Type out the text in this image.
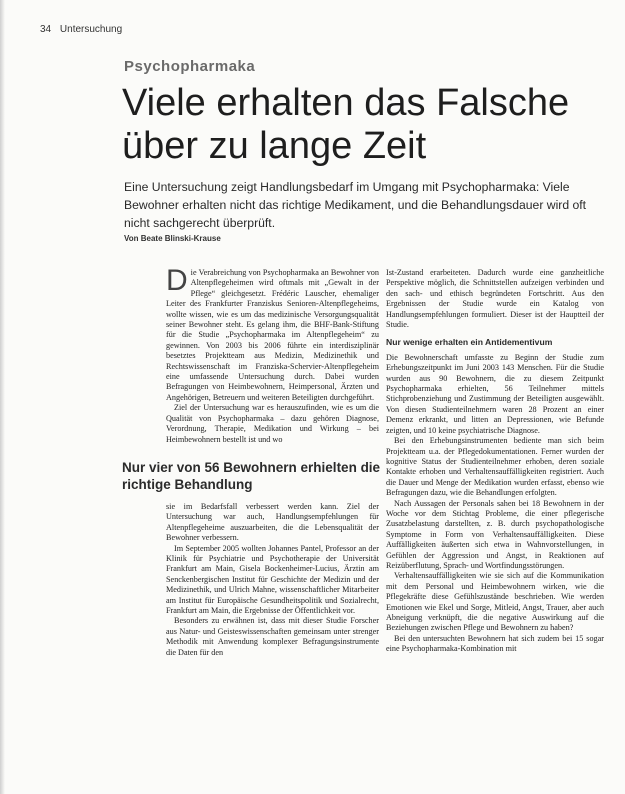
34 Untersuchung
Psychopharmaka
Viele erhalten das Falsche
über zu lange Zeit

Eine Untersuchung zeigt Handlungsbedarf im Umgang mit Psychopharmaka: Viele Bewohner erhalten nicht das richtige Medikament, und die Behandlungsdauer wird oft nicht sachgerecht überprüft.

Von Beate Blinski-Krause

Die Verabreichung von Psychopharmaka an Bewohner von Altenpflegeheimen wird oftmals mit „Gewalt in der Pflege“ gleichgesetzt. Frédéric Lauscher, ehemaliger Leiter des Frankfurter Franziskus Senioren-Altenpflegeheims, wollte wissen, wie es um das medizinische Versorgungsqualität seiner Bewohner steht. Es gelang ihm, die BHF-Bank-Stiftung für die Studie „Psychopharmaka im Altenpflegeheim“ zu gewinnen. Von 2003 bis 2006 führte ein interdisziplinär besetztes Projektteam aus Medizin, Medizinethik und Rechtswissenschaft im Franziska-Schervier-Altenpflegeheim eine umfassende Untersuchung durch. Dabei wurden Befragungen von Heimbewohnern, Heimpersonal, Ärzten und Angehörigen, Betreuern und weiteren Beteiligten durchgeführt.

Ziel der Untersuchung war es herauszufinden, wie es um die Qualität von Psychopharmaka – dazu gehören Diagnose, Verordnung, Therapie, Medikation und Wirkung – bei Heimbewohnern bestellt ist und wo

Nur vier von 56 Bewohnern erhielten die richtige Behandlung

sie im Bedarfsfall verbessert werden kann. Ziel der Untersuchung war auch, Handlungsempfehlungen für Altenpflegeheime auszuarbeiten, die die Lebensqualität der Bewohner verbessern.

Im September 2005 wollten Johannes Pantel, Professor an der Klinik für Psychiatrie und Psychotherapie der Universität Frankfurt am Main, Gisela Bockenheimer-Lucius, Ärztin am Senckenbergischen Institut für Geschichte der Medizin und der Medizinethik, und Ulrich Mahne, wissenschaftlicher Mitarbeiter am Institut für Europäische Gesundheitspolitik und Sozialrecht, Frankfurt am Main, die Ergebnisse der Öffentlichkeit vor.

Besonders zu erwähnen ist, dass mit dieser Studie Forscher aus Natur- und Geisteswissenschaften gemeinsam unter strenger Methodik mit Anwendung komplexer Befragungsinstrumente die Daten für den

Ist-Zustand erarbeiteten. Dadurch wurde eine ganzheitliche Perspektive möglich, die Schnittstellen aufzeigen verbinden und den sach- und ethisch begründeten Fortschritt. Aus den Ergebnissen der Studie wurde ein Katalog von Handlungsempfehlungen formuliert. Dieser ist der Hauptteil der Studie.

Nur wenige erhalten ein Antidementivum

Die Bewohnerschaft umfasste zu Beginn der Studie zum Erhebungszeitpunkt im Juni 2003 143 Menschen. Für die Studie wurden aus 90 Bewohnern, die zu diesem Zeitpunkt Psychopharmaka erhielten, 56 Teilnehmer mittels Stichprobenziehung und Zustimmung der Beteiligten ausgewählt. Von diesen Studienteilnehmern waren 28 Prozent an einer Demenz erkrankt, und litten an Depressionen, wie Befunde zeigten, und 10 keine psychiatrische Diagnose.

Bei den Erhebungsinstrumenten bediente man sich beim Projektteam u.a. der Pflegedokumentationen. Ferner wurden der kognitive Status der Studienteilnehmer erhoben, deren soziale Kontakte erhoben und Verhaltensauffälligkeiten registriert. Auch die Dauer und Menge der Medikation wurden erfasst, ebenso wie Befragungen dazu, wie die Behandlungen erfolgten.

Nach Aussagen der Personals sahen bei 18 Bewohnern in der Woche vor dem Stichtag Probleme, die einer pflegerische Zusatzbelastung darstellten, z. B. durch psychopathologische Symptome in Form von Verhaltensauffälligkeiten. Diese Auffälligkeiten äußerten sich etwa in Wahnvorstellungen, in Gefühlen der Aggression und Angst, in Reaktionen auf Reizüberflutung, Sprach- und Wortfindungsstörungen.

Verhaltensauffälligkeiten wie sie sich auf die Kommunikation mit dem Personal und Heimbewohnern wirken, wie die Pflegekräfte diese Gefühlszustände beschrieben. Wie werden Emotionen wie Ekel und Sorge, Mitleid, Angst, Trauer, aber auch Abneigung verknüpft, die die negative Auswirkung auf die Beziehungen zwischen Pflege und Bewohnern zu haben?

Bei den untersuchten Bewohnern hat sich zudem bei 15 sogar eine Psychopharmaka-Kombination mit
